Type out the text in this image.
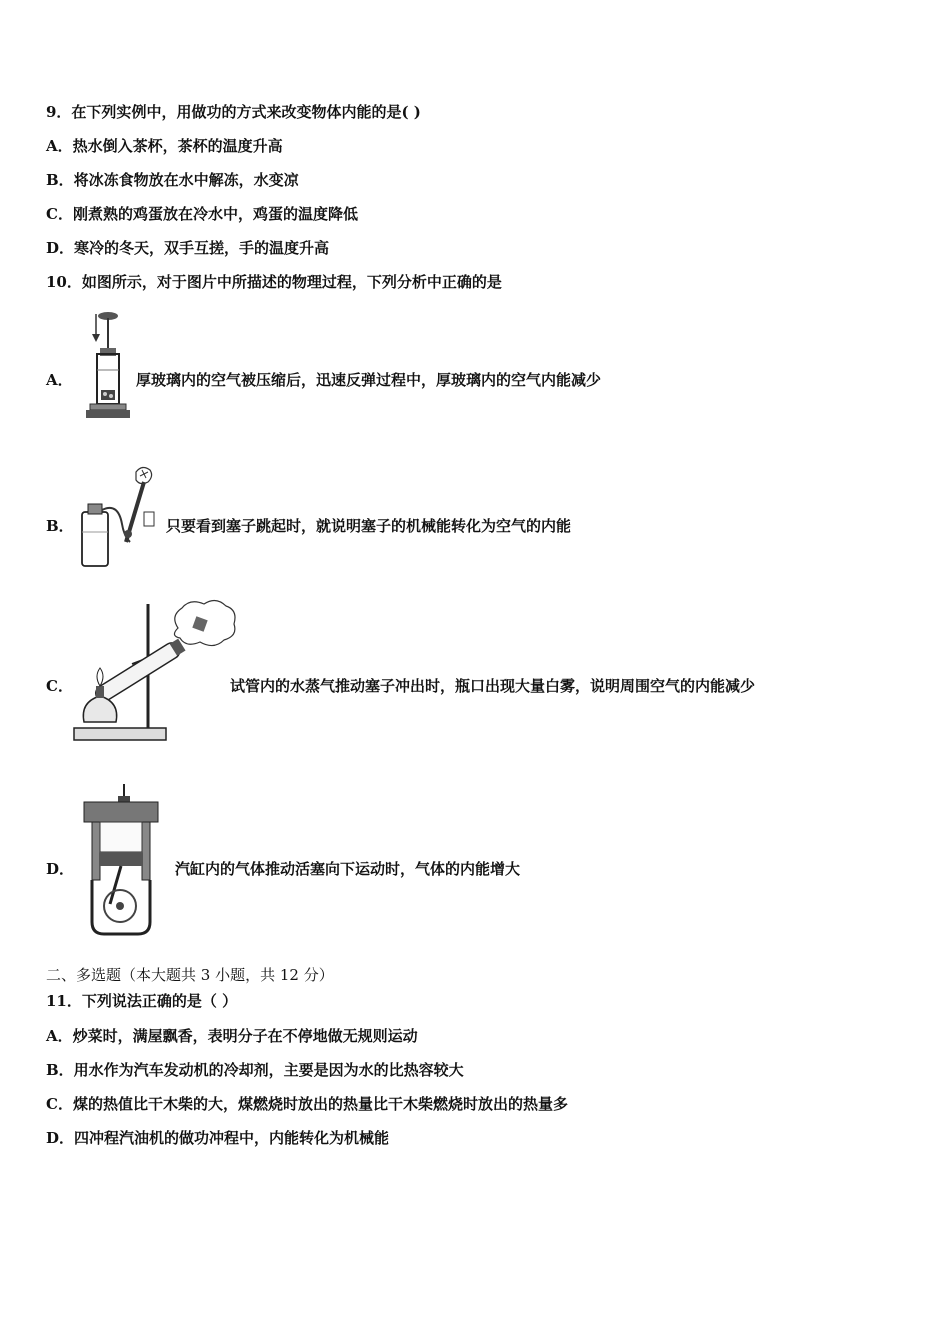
9．在下列实例中，用做功的方式来改变物体内能的是( )
A．热水倒入茶杯，茶杯的温度升高
B．将冰冻食物放在水中解冻，水变凉
C．刚煮熟的鸡蛋放在冷水中，鸡蛋的温度降低
D．寒冷的冬天，双手互搓，手的温度升高
10．如图所示，对于图片中所描述的物理过程，下列分析中正确的是
A．	厚玻璃内的空气被压缩后，迅速反弹过程中，厚玻璃内的空气内能减少
B．	只要看到塞子跳起时，就说明塞子的机械能转化为空气的内能
C．	试管内的水蒸气推动塞子冲出时，瓶口出现大量白雾，说明周围空气的内能减少
D．	汽缸内的气体推动活塞向下运动时，气体的内能增大
二、多选题（本大题共 3 小题，共 12 分）
11．下列说法正确的是（ ）
A．炒菜时，满屋飘香，表明分子在不停地做无规则运动
B．用水作为汽车发动机的冷却剂，主要是因为水的比热容较大
C．煤的热值比干木柴的大，煤燃烧时放出的热量比干木柴燃烧时放出的热量多
D．四冲程汽油机的做功冲程中，内能转化为机械能
